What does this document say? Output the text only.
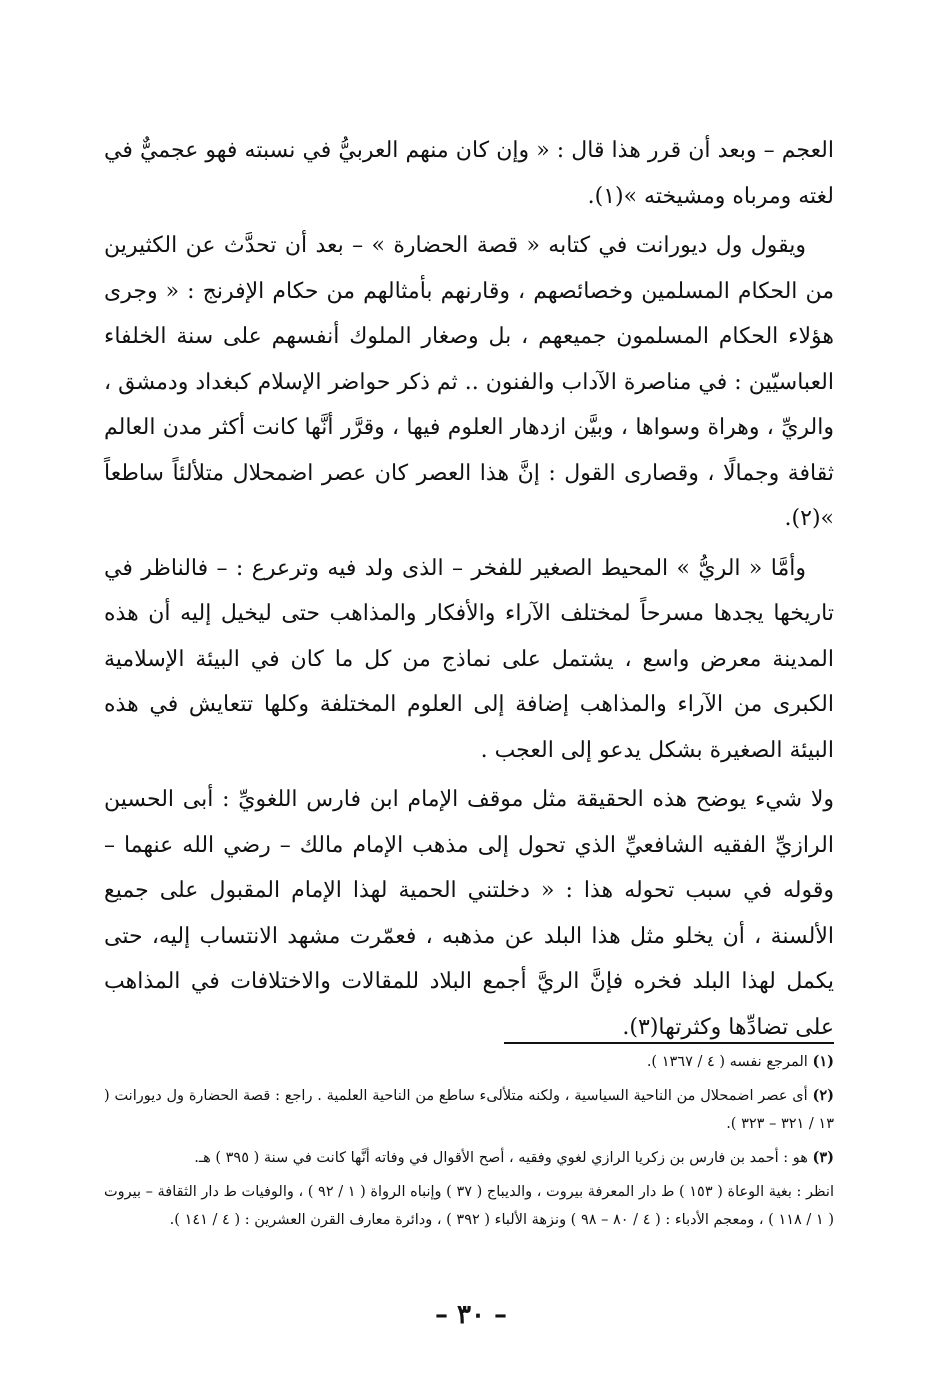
العجم – وبعد أن قرر هذا قال : « وإن كان منهم العربيُّ في نسبته فهو عجميٌّ في لغته ومرباه ومشيخته »(١).

ويقول ول ديورانت في كتابه « قصة الحضارة » – بعد أن تحدَّث عن الكثيرين من الحكام المسلمين وخصائصهم ، وقارنهم بأمثالهم من حكام الإفرنج : « وجرى هؤلاء الحكام المسلمون جميعهم ، بل وصغار الملوك أنفسهم على سنة الخلفاء العباسيّين : في مناصرة الآداب والفنون .. ثم ذكر حواضر الإسلام كبغداد ودمشق ، والريِّ ، وهراة وسواها ، وبيَّن ازدهار العلوم فيها ، وقرَّر أنَّها كانت أكثر مدن العالم ثقافة وجمالًا ، وقصارى القول : إنَّ هذا العصر كان عصر اضمحلال متلألئاً ساطعاً »(٢).

وأمَّا « الريُّ » المحيط الصغير للفخر – الذى ولد فيه وترعرع : – فالناظر في تاريخها يجدها مسرحاً لمختلف الآراء والأفكار والمذاهب حتى ليخيل إليه أن هذه المدينة معرض واسع ، يشتمل على نماذج من كل ما كان في البيئة الإسلامية الكبرى من الآراء والمذاهب إضافة إلى العلوم المختلفة وكلها تتعايش في هذه البيئة الصغيرة بشكل يدعو إلى العجب .

ولا شيء يوضح هذه الحقيقة مثل موقف الإمام ابن فارس اللغويِّ : أبى الحسين الرازيِّ الفقيه الشافعيِّ الذي تحول إلى مذهب الإمام مالك – رضي الله عنهما – وقوله في سبب تحوله هذا : « دخلتني الحمية لهذا الإمام المقبول على جميع الألسنة ، أن يخلو مثل هذا البلد عن مذهبه ، فعمّرت مشهد الانتساب إليه، حتى يكمل لهذا البلد فخره فإنَّ الريَّ أجمع البلاد للمقالات والاختلافات في المذاهب على تضادِّها وكثرتها(٣).

(١) المرجع نفسه ( ٤ / ١٣٦٧ ).

(٢) أى عصر اضمحلال من الناحية السياسية ، ولكنه متلألىء ساطع من الناحية العلمية . راجع : قصة الحضارة ول ديورانت ( ١٣ / ٣٢١ – ٣٢٣ ).

(٣) هو : أحمد بن فارس بن زكريا الرازي لغوي وفقيه ، أصح الأقوال في وفاته أنَّها كانت في سنة ( ٣٩٥ ) هـ.

انظر : بغية الوعاة ( ١٥٣ ) ط دار المعرفة بيروت ، والديباج ( ٣٧ ) وإنباه الرواة ( ١ / ٩٢ ) ، والوفيات ط دار الثقافة – بيروت ( ١ / ١١٨ ) ، ومعجم الأدباء : ( ٤ / ٨٠ – ٩٨ ) ونزهة الألباء ( ٣٩٢ ) ، ودائرة معارف القرن العشرين : ( ٤ / ١٤١ ).

– ٣٠ –
